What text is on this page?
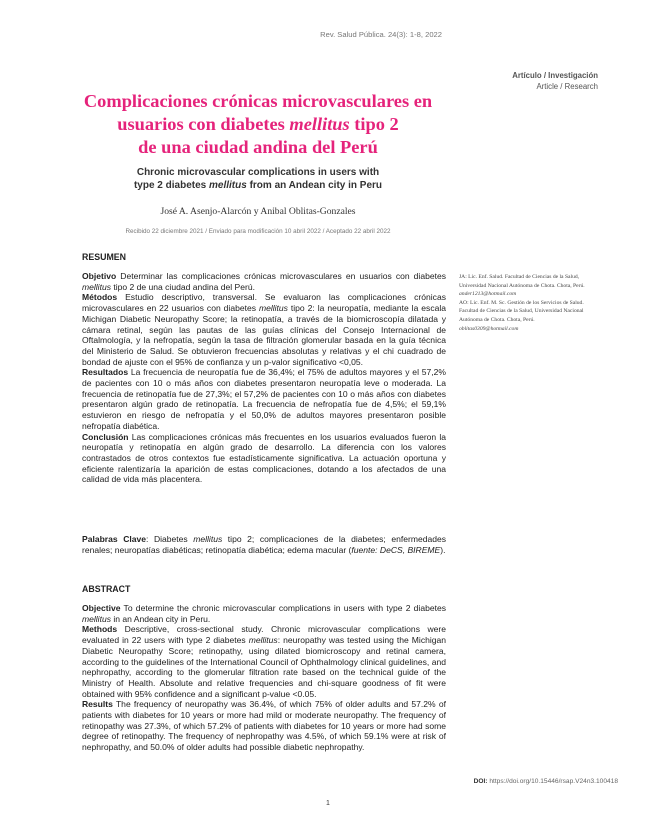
Rev. Salud Pública. 24(3): 1-8, 2022
Artículo / Investigación
Article / Research
Complicaciones crónicas microvasculares en
usuarios con diabetes mellitus tipo 2
de una ciudad andina del Perú
Chronic microvascular complications in users with
type 2 diabetes mellitus from an Andean city in Peru
José A. Asenjo-Alarcón y Anibal Oblitas-Gonzales
Recibido 22 diciembre 2021 / Enviado para modificación 10 abril 2022 / Aceptado 22 abril 2022
RESUMEN

Objetivo Determinar las complicaciones crónicas microvasculares en usuarios con diabetes mellitus tipo 2 de una ciudad andina del Perú.

Métodos Estudio descriptivo, transversal. Se evaluaron las complicaciones crónicas microvasculares en 22 usuarios con diabetes mellitus tipo 2: la neuropatía, mediante la escala Michigan Diabetic Neuropathy Score; la retinopatía, a través de la biomicroscopía dilatada y cámara retinal, según las pautas de las guías clínicas del Consejo Internacional de Oftalmología, y la nefropatía, según la tasa de filtración glomerular basada en la guía técnica del Ministerio de Salud. Se obtuvieron frecuencias absolutas y relativas y el chi cuadrado de bondad de ajuste con el 95% de confianza y un p-valor significativo <0,05.

Resultados La frecuencia de neuropatía fue de 36,4%; el 75% de adultos mayores y el 57,2% de pacientes con 10 o más años con diabetes presentaron neuropatía leve o moderada. La frecuencia de retinopatía fue de 27,3%; el 57,2% de pacientes con 10 o más años con diabetes presentaron algún grado de retinopatía. La frecuencia de nefropatía fue de 4,5%; el 59,1% estuvieron en riesgo de nefropatía y el 50,0% de adultos mayores presentaron posible nefropatía diabética.

Conclusión Las complicaciones crónicas más frecuentes en los usuarios evaluados fueron la neuropatía y retinopatía en algún grado de desarrollo. La diferencia con los valores contrastados de otros contextos fue estadísticamente significativa. La actuación oportuna y eficiente ralentizaría la aparición de estas complicaciones, dotando a los afectados de una calidad de vida más placentera.

Palabras Clave: Diabetes mellitus tipo 2; complicaciones de la diabetes; enfermedades renales; neuropatías diabéticas; retinopatía diabética; edema macular (fuente: DeCS, BIREME).
ABSTRACT

Objective To determine the chronic microvascular complications in users with type 2 diabetes mellitus in an Andean city in Peru.

Methods Descriptive, cross-sectional study. Chronic microvascular complications were evaluated in 22 users with type 2 diabetes mellitus: neuropathy was tested using the Michigan Diabetic Neuropathy Score; retinopathy, using dilated biomicroscopy and retinal camera, according to the guidelines of the International Council of Ophthalmology clinical guidelines, and nephropathy, according to the glomerular filtration rate based on the technical guide of the Ministry of Health. Absolute and relative frequencies and chi-square goodness of fit were obtained with 95% confidence and a significant p-value <0.05.

Results The frequency of neuropathy was 36.4%, of which 75% of older adults and 57.2% of patients with diabetes for 10 years or more had mild or moderate neuropathy. The frequency of retinopathy was 27.3%, of which 57.2% of patients with diabetes for 10 years or more had some degree of retinopathy. The frequency of nephropathy was 4.5%, of which 59.1% were at risk of nephropathy, and 50.0% of older adults had possible diabetic nephropathy.

JA: Lic. Enf. Salud. Facultad de Ciencias de la Salud, Universidad Nacional Autónoma de Chota. Chota, Perú.
ander1213@hotmail.com
AO: Lic. Enf. M. Sc. Gestión de los Servicios de Salud. Facultad de Ciencias de la Salud, Universidad Nacional Autónoma de Chota. Chota, Perú.
oblitas0309@hotmail.com
DOI: https://doi.org/10.15446/rsap.V24n3.100418
1
